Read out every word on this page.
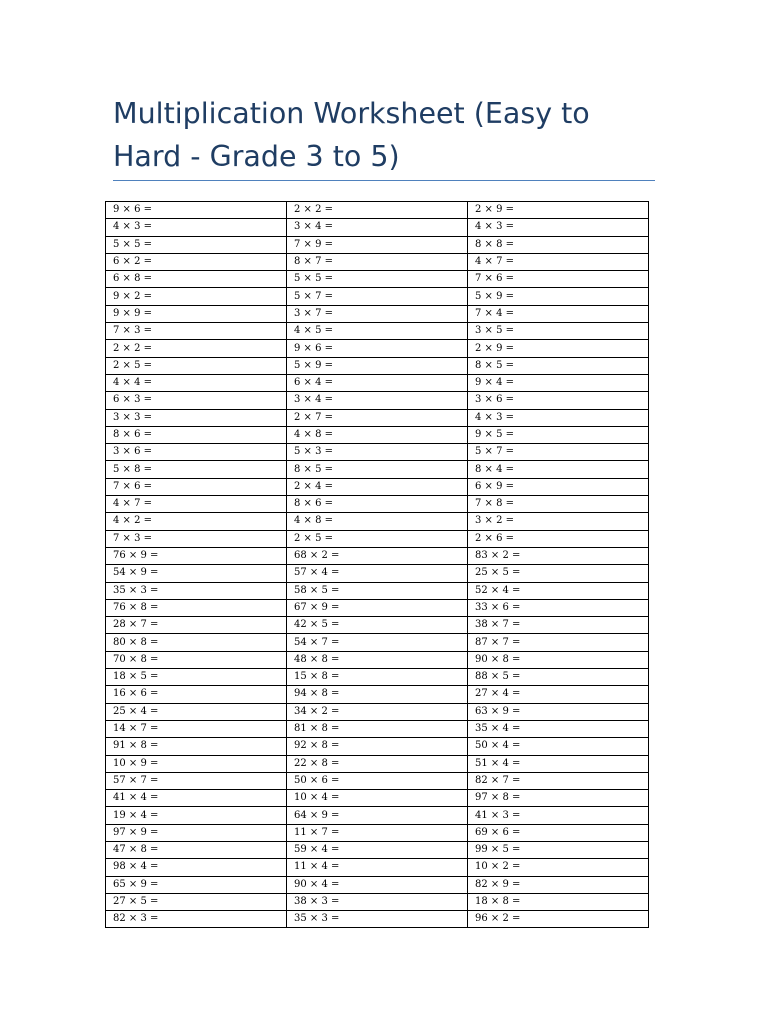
Multiplication Worksheet (Easy to Hard - Grade 3 to 5)
9 × 6 =	2 × 2 =	2 × 9 =
4 × 3 =	3 × 4 =	4 × 3 =
5 × 5 =	7 × 9 =	8 × 8 =
6 × 2 =	8 × 7 =	4 × 7 =
6 × 8 =	5 × 5 =	7 × 6 =
9 × 2 =	5 × 7 =	5 × 9 =
9 × 9 =	3 × 7 =	7 × 4 =
7 × 3 =	4 × 5 =	3 × 5 =
2 × 2 =	9 × 6 =	2 × 9 =
2 × 5 =	5 × 9 =	8 × 5 =
4 × 4 =	6 × 4 =	9 × 4 =
6 × 3 =	3 × 4 =	3 × 6 =
3 × 3 =	2 × 7 =	4 × 3 =
8 × 6 =	4 × 8 =	9 × 5 =
3 × 6 =	5 × 3 =	5 × 7 =
5 × 8 =	8 × 5 =	8 × 4 =
7 × 6 =	2 × 4 =	6 × 9 =
4 × 7 =	8 × 6 =	7 × 8 =
4 × 2 =	4 × 8 =	3 × 2 =
7 × 3 =	2 × 5 =	2 × 6 =
76 × 9 =	68 × 2 =	83 × 2 =
54 × 9 =	57 × 4 =	25 × 5 =
35 × 3 =	58 × 5 =	52 × 4 =
76 × 8 =	67 × 9 =	33 × 6 =
28 × 7 =	42 × 5 =	38 × 7 =
80 × 8 =	54 × 7 =	87 × 7 =
70 × 8 =	48 × 8 =	90 × 8 =
18 × 5 =	15 × 8 =	88 × 5 =
16 × 6 =	94 × 8 =	27 × 4 =
25 × 4 =	34 × 2 =	63 × 9 =
14 × 7 =	81 × 8 =	35 × 4 =
91 × 8 =	92 × 8 =	50 × 4 =
10 × 9 =	22 × 8 =	51 × 4 =
57 × 7 =	50 × 6 =	82 × 7 =
41 × 4 =	10 × 4 =	97 × 8 =
19 × 4 =	64 × 9 =	41 × 3 =
97 × 9 =	11 × 7 =	69 × 6 =
47 × 8 =	59 × 4 =	99 × 5 =
98 × 4 =	11 × 4 =	10 × 2 =
65 × 9 =	90 × 4 =	82 × 9 =
27 × 5 =	38 × 3 =	18 × 8 =
82 × 3 =	35 × 3 =	96 × 2 =
